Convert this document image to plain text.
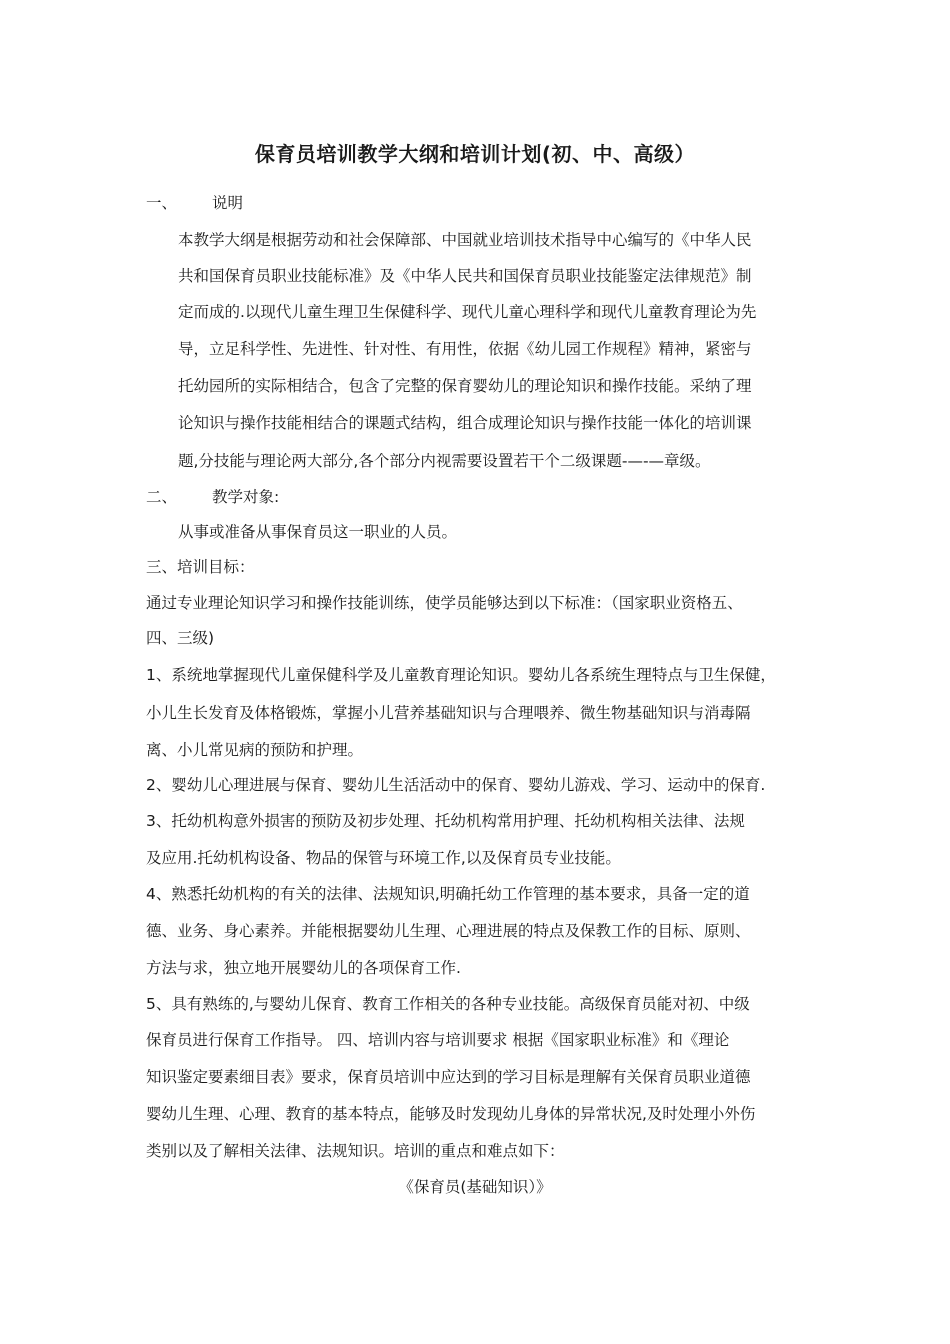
保育员培训教学大纲和培训计划(初、中、高级）
一、 说明
本教学大纲是根据劳动和社会保障部、中国就业培训技术指导中心编写的《中华人民
共和国保育员职业技能标准》及《中华人民共和国保育员职业技能鉴定法律规范》制
定而成的.以现代儿童生理卫生保健科学、现代儿童心理科学和现代儿童教育理论为先
导，立足科学性、先进性、针对性、有用性，依据《幼儿园工作规程》精神，紧密与
托幼园所的实际相结合，包含了完整的保育婴幼儿的理论知识和操作技能。采纳了理
论知识与操作技能相结合的课题式结构，组合成理论知识与操作技能一体化的培训课
题,分技能与理论两大部分,各个部分内视需要设置若干个二级课题-—-—章级。
二、 教学对象:
从事或准备从事保育员这一职业的人员。
三、培训目标：
通过专业理论知识学习和操作技能训练，使学员能够达到以下标准：（国家职业资格五、
四、三级)
1、系统地掌握现代儿童保健科学及儿童教育理论知识。婴幼儿各系统生理特点与卫生保健，
小儿生长发育及体格锻炼，掌握小儿营养基础知识与合理喂养、微生物基础知识与消毒隔
离、小儿常见病的预防和护理。
2、婴幼儿心理进展与保育、婴幼儿生活活动中的保育、婴幼儿游戏、学习、运动中的保育.
3、托幼机构意外损害的预防及初步处理、托幼机构常用护理、托幼机构相关法律、法规
及应用.托幼机构设备、物品的保管与环境工作,以及保育员专业技能。
4、熟悉托幼机构的有关的法律、法规知识,明确托幼工作管理的基本要求，具备一定的道
德、业务、身心素养。并能根据婴幼儿生理、心理进展的特点及保教工作的目标、原则、
方法与求，独立地开展婴幼儿的各项保育工作.
5、具有熟练的,与婴幼儿保育、教育工作相关的各种专业技能。高级保育员能对初、中级
保育员进行保育工作指导。 四、培训内容与培训要求 根据《国家职业标准》和《理论
知识鉴定要素细目表》要求，保育员培训中应达到的学习目标是理解有关保育员职业道德
婴幼儿生理、心理、教育的基本特点，能够及时发现幼儿身体的异常状况,及时处理小外伤
类别以及了解相关法律、法规知识。培训的重点和难点如下：
《保育员(基础知识）》
